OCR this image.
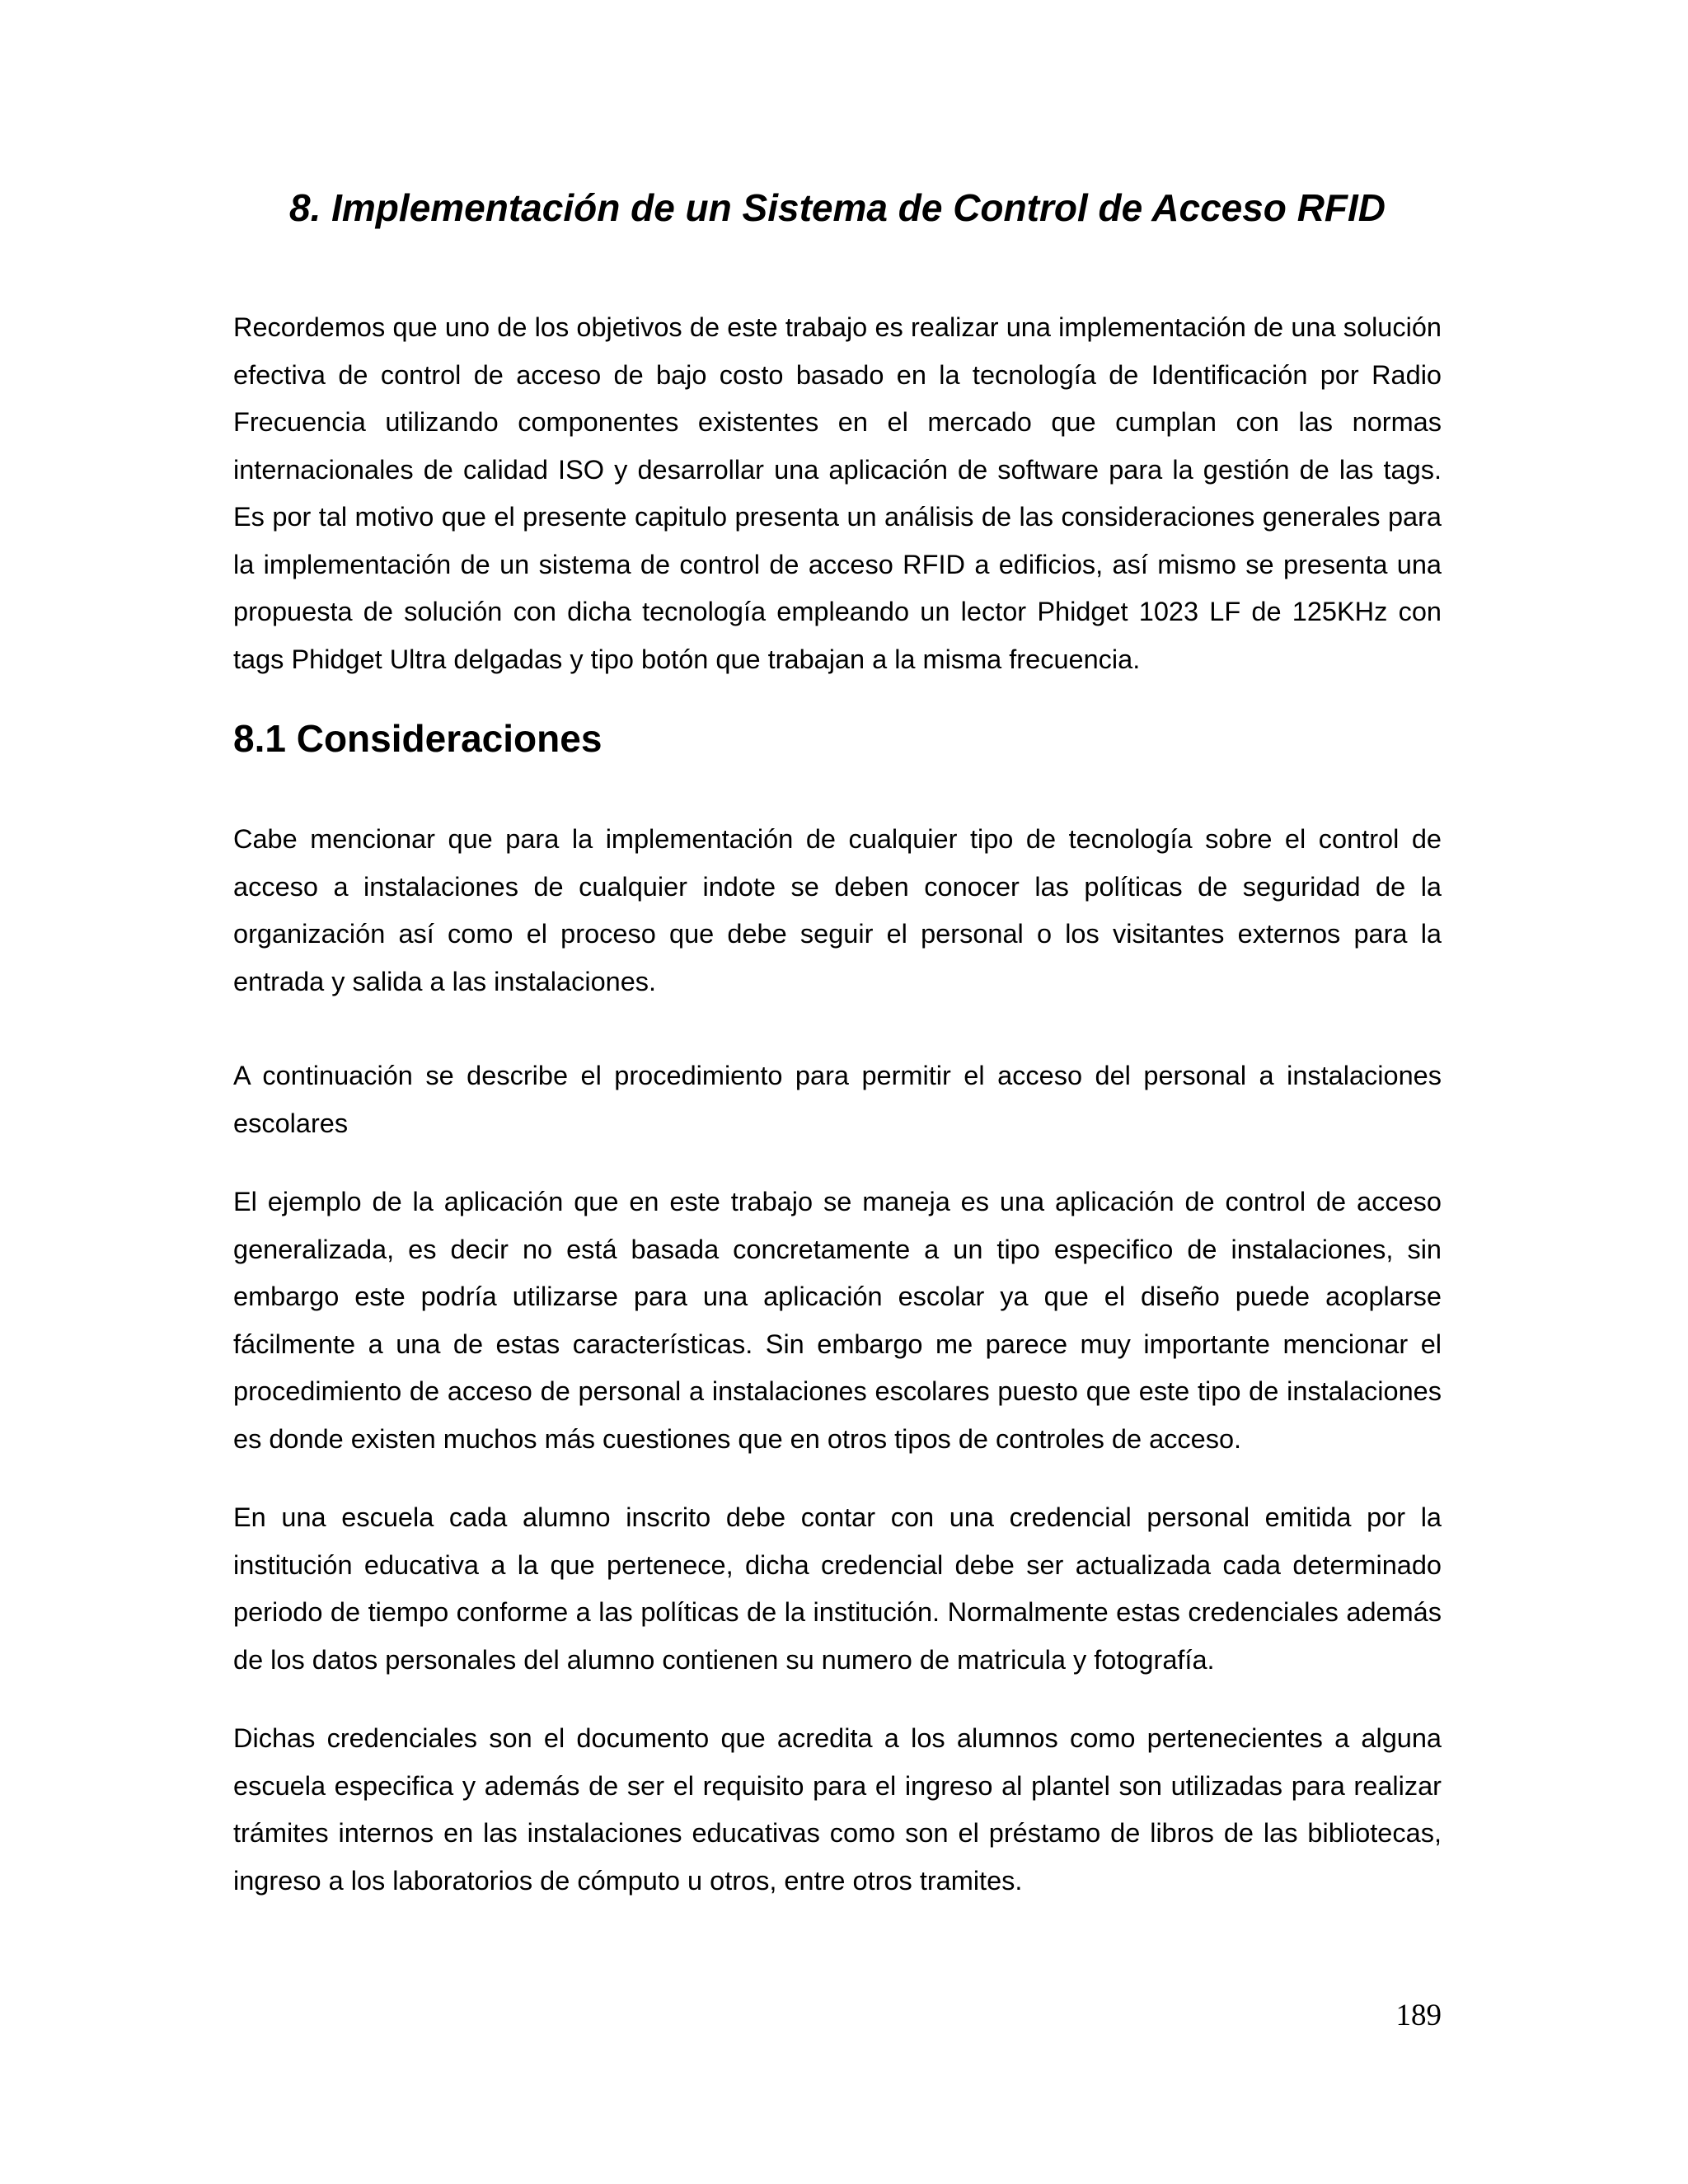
8. Implementación de un Sistema de Control de Acceso RFID

Recordemos que uno de los objetivos de este trabajo es realizar una implementación de una solución efectiva de control de acceso de bajo costo basado en la tecnología de Identificación por Radio Frecuencia utilizando componentes existentes en el mercado que cumplan con las normas internacionales de calidad ISO y desarrollar una aplicación de software para la gestión de las tags. Es por tal motivo que el presente capitulo presenta un análisis de las consideraciones generales para la implementación de un sistema de control de acceso RFID a edificios, así mismo se presenta una propuesta de solución con dicha tecnología empleando un lector Phidget 1023 LF de 125KHz con tags Phidget Ultra delgadas y tipo botón que trabajan a la misma frecuencia.

8.1 Consideraciones

Cabe mencionar que para la implementación de cualquier tipo de tecnología sobre el control de acceso a instalaciones de cualquier indote se deben conocer las políticas de seguridad de la organización así como el proceso que debe seguir el personal o los visitantes externos para la entrada y salida a las instalaciones.

A continuación se describe el procedimiento para permitir el acceso del personal a instalaciones escolares

El ejemplo de la aplicación que en este trabajo se maneja es una aplicación de control de acceso generalizada, es decir no está basada concretamente a un tipo especifico de instalaciones, sin embargo este podría utilizarse para una aplicación escolar ya que el diseño puede acoplarse fácilmente a una de estas características. Sin embargo me parece muy importante mencionar el procedimiento de acceso de personal a instalaciones escolares puesto que este tipo de instalaciones es donde existen muchos más cuestiones que en otros tipos de controles de acceso.

En una escuela cada alumno inscrito debe contar con una credencial personal emitida por la institución educativa a la que pertenece, dicha credencial debe ser actualizada cada determinado periodo de tiempo conforme a las políticas de la institución. Normalmente estas credenciales además de los datos personales del alumno contienen su numero de matricula y fotografía.

Dichas credenciales son el documento que acredita a los alumnos como pertenecientes a alguna escuela especifica y además de ser el requisito para el ingreso al plantel son utilizadas para realizar trámites internos en las instalaciones educativas como son el préstamo de libros de las bibliotecas, ingreso a los laboratorios de cómputo u otros, entre otros tramites.

189
